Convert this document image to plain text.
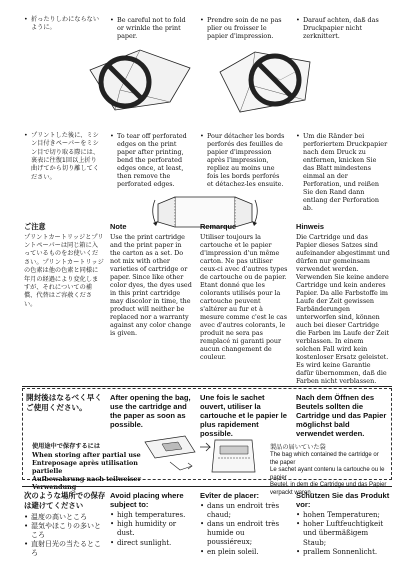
• 折ったりしわにならないように。
• Be careful not to fold or wrinkle the print paper.
• Prendre soin de ne pas plier ou froisser le papier d'impression.
• Darauf achten, daß das Druckpapier nicht zerknittert.
• プリントした後に、ミシン目付きペーパーをミシン目で切り取る際には、裏表に往復1回以上折り曲げてから切り離してください。
• To tear off perforated edges on the print paper after printing, bend the perforated edges once, at least, then remove the perforated edges.
• Pour détacher les bords perforés des feuilles de papier d'impression après l'impression, repliez au moins une fois les bords perforés et détachez-les ensuite.
• Um die Ränder bei perforiertem Druckpapier nach dem Druck zu entfernen, knicken Sie das Blatt mindestens einmal an der Perforation, und reißen Sie den Rand dann entlang der Perforation ab.
ご注意
プリントカートリッジとプリントペーパーは同じ箱に入っているものをお使いください。プリントカートリッジの色素は他の色素と同様に年月の経過により変化しますが、それについての補償、代替はご容赦ください。
Note
Use the print cartridge and the print paper in the carton as a set. Do not mix with other varieties of cartridge or paper. Since like other color dyes, the dyes used in this print cartridge may discolor in time, the product will neither be replaced nor a warranty against any color change is given.
Remarque
Utiliser toujours la cartouche et le papier d'impression d'un même carton. Ne pas utiliser ceux-ci avec d'autres types de cartouche ou de papier. Etant donné que les colorants utilisés pour la cartouche peuvent s'altérer au fur et à mesure comme c'est le cas avec d'autres colorants, le produit ne sera pas remplacé ni garanti pour aucun changement de couleur.
Hinweis
Die Cartridge und das Papier dieses Satzes sind aufeinander abgestimmt und dürfen nur gemeinsam verwendet werden. Verwenden Sie keine andere Cartridge und kein anderes Papier. Da alle Farbstoffe im Laufe der Zeit gewissen Farbänderungen unterworfen sind, können auch bei dieser Cartridge die Farben im Laufe der Zeit verblassen. In einem solchen Fall wird kein kostenloser Ersatz geleistet. Es wird keine Garantie dafür übernommen, daß die Farben nicht verblassen.
開封後はなるべく早くご使用ください。
After opening the bag, use the cartridge and the paper as soon as possible.
Une fois le sachet ouvert, utiliser la cartouche et le papier le plus rapidement possible.
Nach dem Öffnen des Beutels sollten die Cartridge und das Papier möglichst bald verwendet werden.
使用途中で保存するには
When storing after partial use
Entreposage après utilisation partielle
Aufbewahrung nach teilweiser Verwendung
製品の届いていた袋
The bag which contained the cartridge or the paper
Le sachet ayant contenu la cartouche ou le papier
Beutel, in dem die Cartridge und das Papier verpackt waren
次のような場所での保存は避けてください
• 温度の高いところ
• 湿気やほこりの多いところ
• 直射日光の当たるところ
Avoid placing where subject to:
• high temperatures.
• high humidity or dust.
• direct sunlight.
Evîter de placer:
• dans un endroit très chaud;
• dans un endroit très humide ou poussiéreux;
• en plein soleil.
Schützen Sie das Produkt vor:
• hohen Temperaturen;
• hoher Luftfeuchtigkeit und übermäßigem Staub;
• prallem Sonnenlicht.
